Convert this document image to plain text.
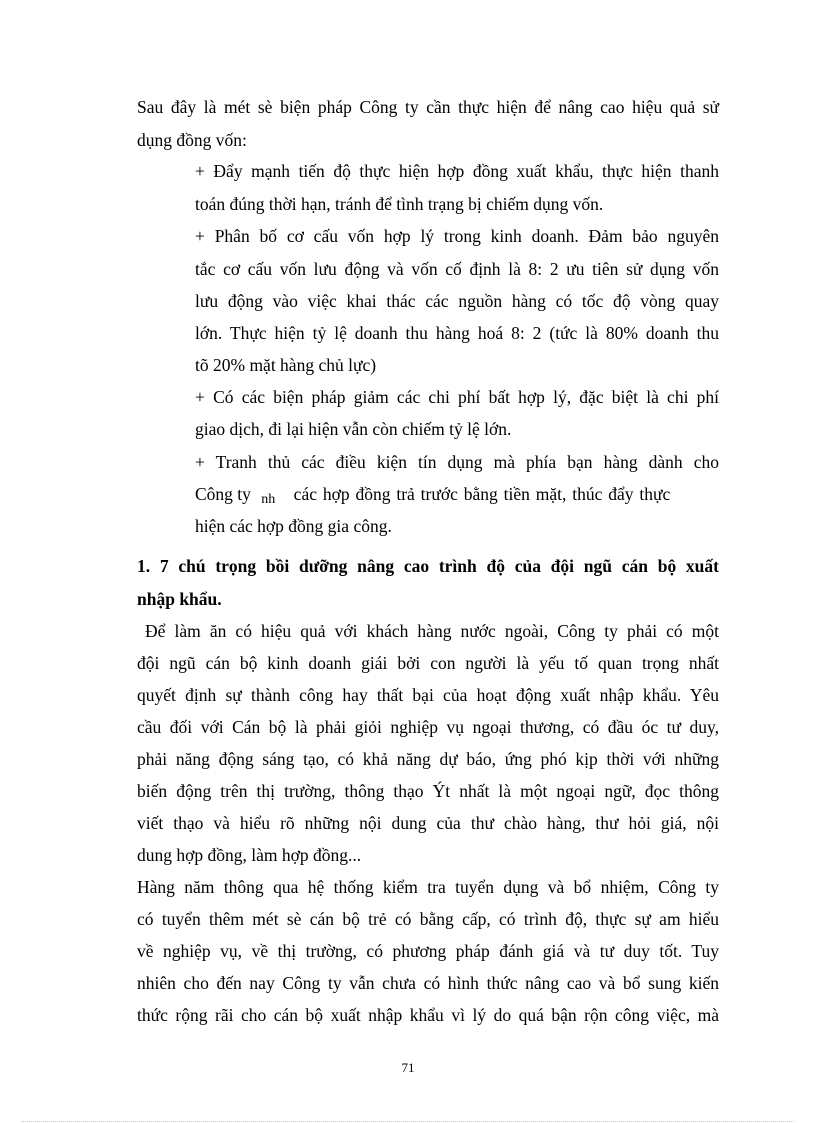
Sau đây là mét sè biện pháp Công ty cần thực hiện để nâng cao hiệu quả sử
dụng đồng vốn:
+ Đẩy mạnh tiến độ thực hiện hợp đồng xuất khẩu, thực hiện thanh
toán đúng thời hạn, tránh để tình trạng bị chiếm dụng vốn.
+ Phân bố cơ cấu vốn hợp lý trong kinh doanh. Đảm bảo nguyên
tắc cơ cấu vốn lưu động và vốn cố định là 8: 2 ưu tiên sử dụng vốn
lưu động vào việc khai thác các nguồn hàng có tốc độ vòng quay
lớn. Thực hiện tỷ lệ doanh thu hàng hoá 8: 2 (tức là 80% doanh thu
tõ 20% mặt hàng chủ lực)
+ Có các biện pháp giảm các chi phí bất hợp lý, đặc biệt là chi phí
giao dịch, đi lại hiện vẫn còn chiếm tỷ lệ lớn.
+ Tranh thủ các điều kiện tín dụng mà phía bạn hàng dành cho
Công ty nh các hợp đồng trả trước bằng tiền mặt, thúc đẩy thực
hiện các hợp đồng gia công.
1. 7 chú trọng bồi dưỡng nâng cao trình độ của đội ngũ cán bộ xuất
nhập khẩu.
Để làm ăn có hiệu quả với khách hàng nước ngoài, Công ty phải có một
đội ngũ cán bộ kinh doanh giái bởi con người là yếu tố quan trọng nhất
quyết định sự thành công hay thất bại của hoạt động xuất nhập khẩu. Yêu
cầu đối với Cán bộ là phải giỏi nghiệp vụ ngoại thương, có đầu óc tư duy,
phải năng động sáng tạo, có khả năng dự báo, ứng phó kịp thời với những
biến động trên thị trường, thông thạo Ýt nhất là một ngoại ngữ, đọc thông
viết thạo và hiểu rõ những nội dung của thư chào hàng, thư hỏi giá, nội
dung hợp đồng, làm hợp đồng...
Hàng năm thông qua hệ thống kiểm tra tuyển dụng và bổ nhiệm, Công ty
có tuyển thêm mét sè cán bộ trẻ có bằng cấp, có trình độ, thực sự am hiểu
về nghiệp vụ, về thị trường, có phương pháp đánh giá và tư duy tốt. Tuy
nhiên cho đến nay Công ty vẫn chưa có hình thức nâng cao và bổ sung kiến
thức rộng rãi cho cán bộ xuất nhập khẩu vì lý do quá bận rộn công việc, mà
71
